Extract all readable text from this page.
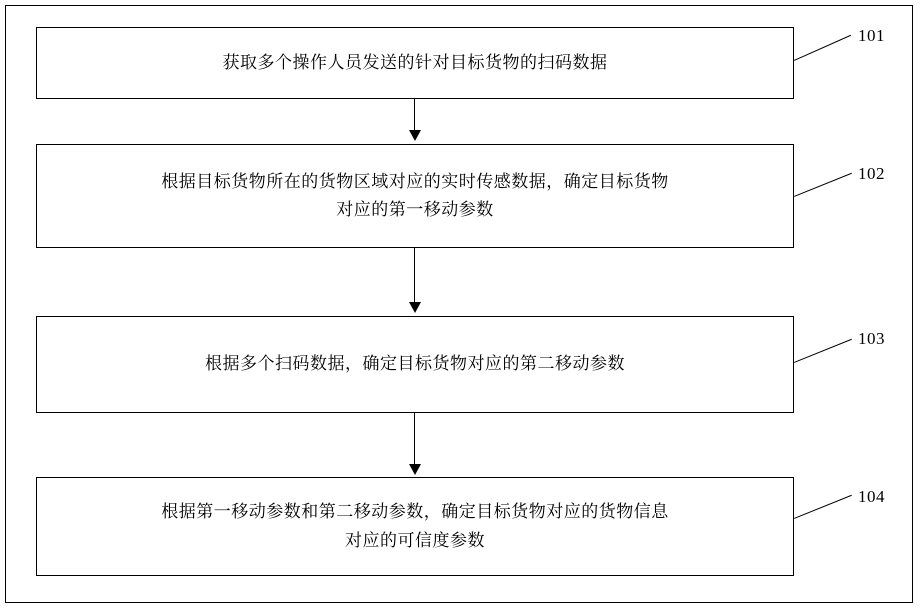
获取多个操作人员发送的针对目标货物的扫码数据
101
根据目标货物所在的货物区域对应的实时传感数据，确定目标货物
对应的第一移动参数
102
根据多个扫码数据，确定目标货物对应的第二移动参数
103
根据第一移动参数和第二移动参数，确定目标货物对应的货物信息
对应的可信度参数
104
